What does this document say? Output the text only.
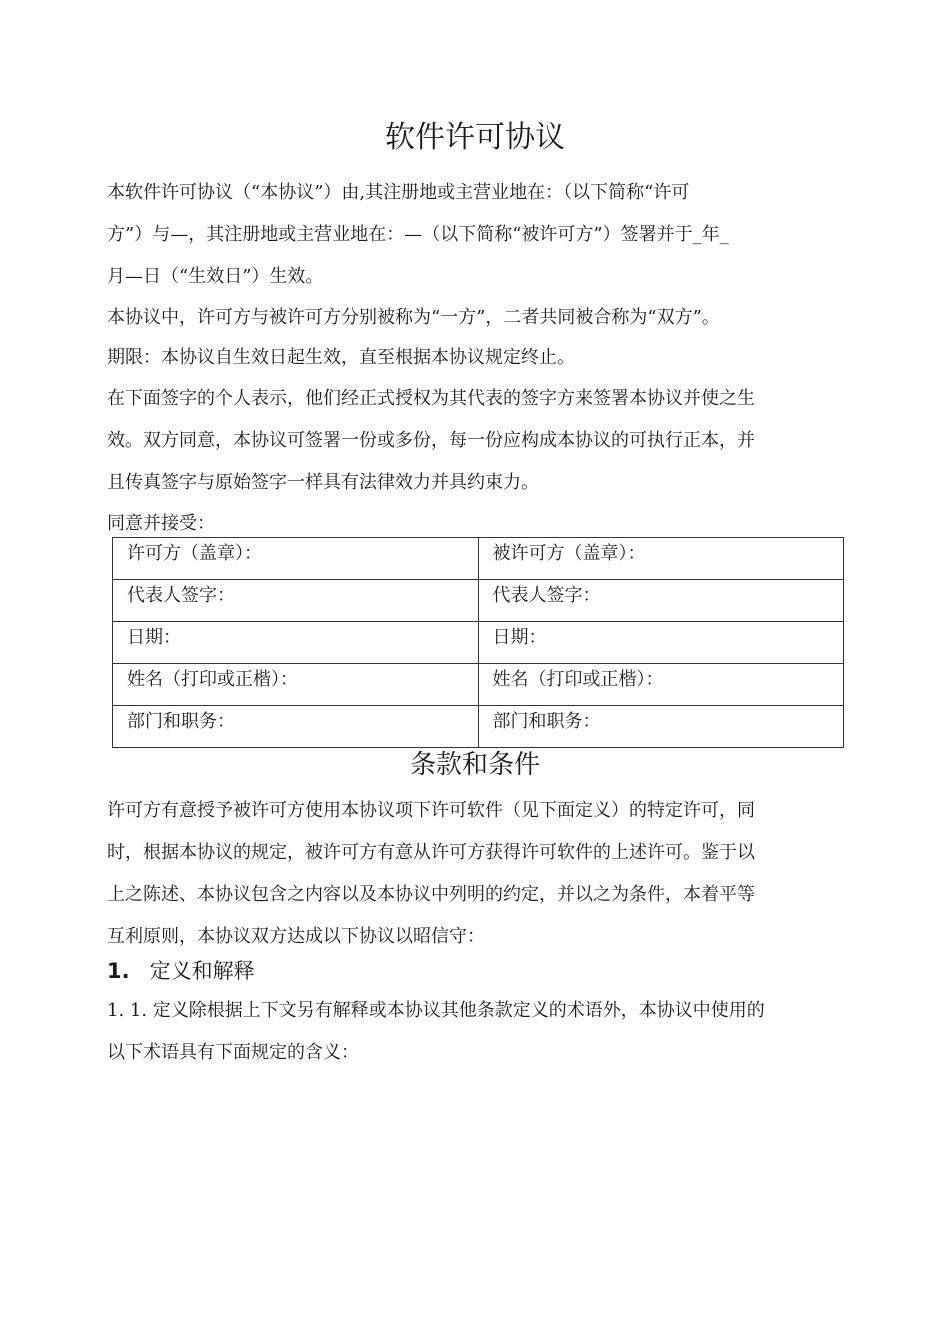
软件许可协议

本软件许可协议（“本协议”）由,其注册地或主营业地在：（以下简称“许可
方”）与—，其注册地或主营业地在：—（以下简称“被许可方”）签署并于_年_
月—日（“生效日”）生效。

本协议中，许可方与被许可方分别被称为“一方”，二者共同被合称为“双方”。

期限：本协议自生效日起生效，直至根据本协议规定终止。

在下面签字的个人表示，他们经正式授权为其代表的签字方来签署本协议并使之生
效。双方同意，本协议可签署一份或多份，每一份应构成本协议的可执行正本，并
且传真签字与原始签字一样具有法律效力并具约束力。

同意并接受：

许可方（盖章）：	被许可方（盖章）：
代表人签字：	代表人签字：
日期：	日期：
姓名（打印或正楷）：	姓名（打印或正楷）：
部门和职务：	部门和职务：
条款和条件

许可方有意授予被许可方使用本协议项下许可软件（见下面定义）的特定许可，同
时，根据本协议的规定，被许可方有意从许可方获得许可软件的上述许可。鉴于以
上之陈述、本协议包含之内容以及本协议中列明的约定，并以之为条件，本着平等
互利原则，本协议双方达成以下协议以昭信守：

1. 定义和解释

1. 1. 定义除根据上下文另有解释或本协议其他条款定义的术语外，本协议中使用的
以下术语具有下面规定的含义：
